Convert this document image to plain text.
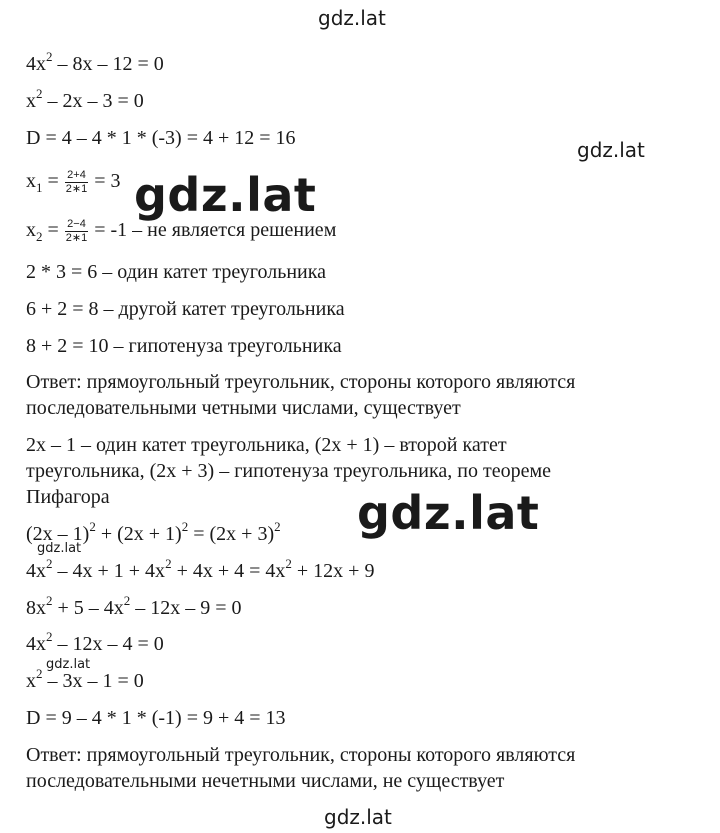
gdz.lat
$4x^2 - 8x - 12 = 0$
$x^2 - 2x - 3 = 0$
D = 4 – 4 * 1 * (-3) = 4 + 12 = 16	gdz.lat
$x_1 = \frac{2+4}{2∗1} = 3$
$x_2 = \frac{2-4}{2∗1} = -1$ – не является решением
gdz.lat
2 * 3 = 6 – один катет треугольника
6 + 2 = 8 – другой катет треугольника
8 + 2 = 10 – гипотенуза треугольника
Ответ: прямоугольный треугольник, стороны которого являются
последовательными четными числами, существует
2x – 1 – один катет треугольника, (2x + 1) – второй катет
треугольника, (2x + 3) – гипотенуза треугольника, по теореме
Пифагора	gdz.lat
$(2x - 1)^2 + (2x + 1)^2 = (2x + 3)^2$
gdz.lat
$4x^2 - 4x + 1 + 4x^2 + 4x + 4 = 4x^2 + 12x + 9$
$8x^2 + 5 - 4x^2 - 12x - 9 = 0$
$4x^2 - 12x - 4 = 0$
gdz.lat
$x^2 - 3x - 1 = 0$
D = 9 – 4 * 1 * (-1) = 9 + 4 = 13
Ответ: прямоугольный треугольник, стороны которого являются
последовательными нечетными числами, не существует
gdz.lat
